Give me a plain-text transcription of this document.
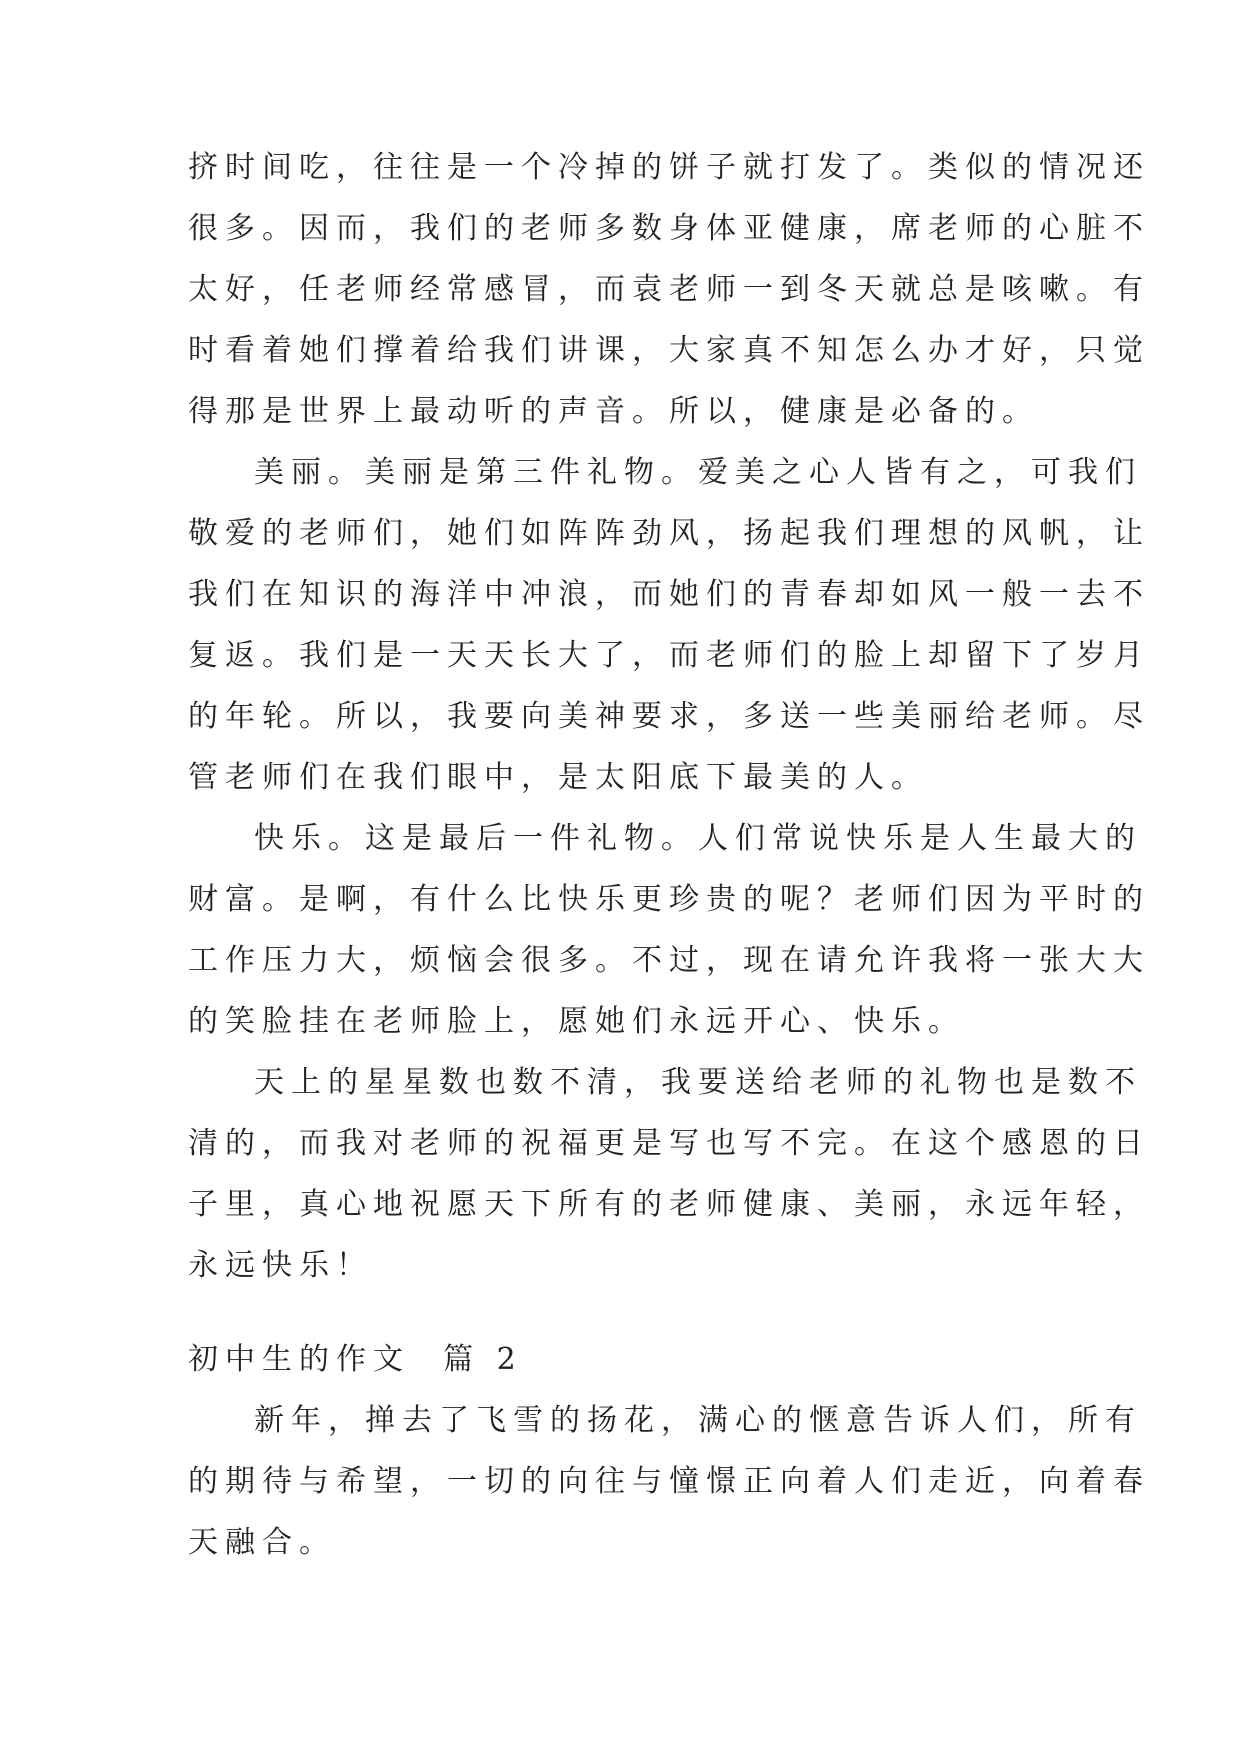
挤时间吃，往往是一个冷掉的饼子就打发了。类似的情况还
很多。因而，我们的老师多数身体亚健康，席老师的心脏不
太好，任老师经常感冒，而袁老师一到冬天就总是咳嗽。有
时看着她们撑着给我们讲课，大家真不知怎么办才好，只觉
得那是世界上最动听的声音。所以，健康是必备的。
美丽。美丽是第三件礼物。爱美之心人皆有之，可我们
敬爱的老师们，她们如阵阵劲风，扬起我们理想的风帆，让
我们在知识的海洋中冲浪，而她们的青春却如风一般一去不
复返。我们是一天天长大了，而老师们的脸上却留下了岁月
的年轮。所以，我要向美神要求，多送一些美丽给老师。尽
管老师们在我们眼中，是太阳底下最美的人。
快乐。这是最后一件礼物。人们常说快乐是人生最大的
财富。是啊，有什么比快乐更珍贵的呢？老师们因为平时的
工作压力大，烦恼会很多。不过，现在请允许我将一张大大
的笑脸挂在老师脸上，愿她们永远开心、快乐。
天上的星星数也数不清，我要送给老师的礼物也是数不
清的，而我对老师的祝福更是写也写不完。在这个感恩的日
子里，真心地祝愿天下所有的老师健康、美丽，永远年轻，
永远快乐！
初中生的作文  篇 2
新年，掸去了飞雪的扬花，满心的惬意告诉人们，所有
的期待与希望，一切的向往与憧憬正向着人们走近，向着春
天融合。
